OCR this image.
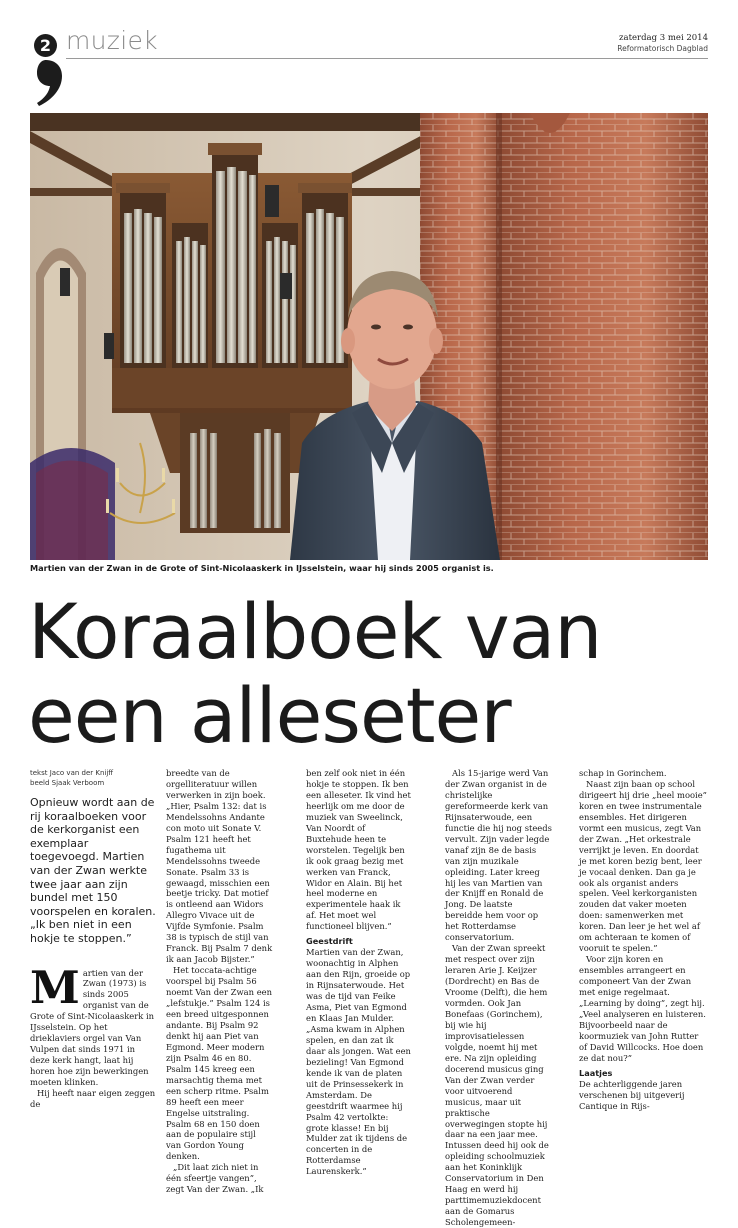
2 muziek	zaterdag 3 mei 2014
Reformatorisch Dagblad
Martien van der Zwan in de Grote of Sint-Nicolaaskerk in IJsselstein, waar hij sinds 2005 organist is.
Koraalboek van
een alleseter
tekst Jaco van der Knijff
beeld Sjaak Verboom
Opnieuw wordt aan de rij koraalboeken voor de kerkorganist een exemplaar toegevoegd. Martien van der Zwan werkte twee jaar aan zijn bundel met 150 voorspelen en koralen. „Ik ben niet in een hokje te stoppen.”
M artien van der Zwan (1973) is sinds 2005 organist van de Grote of Sint-Nicolaaskerk in IJsselstein. Op het drieklaviers orgel van Van Vulpen dat sinds 1971 in deze kerk hangt, laat hij horen hoe zijn bewerkingen moeten klinken.

Hij heeft naar eigen zeggen de

breedte van de orgelliteratuur willen verwerken in zijn boek. „Hier, Psalm 132: dat is Mendelssohns Andante con moto uit Sonate V. Psalm 121 heeft het fugathema uit Mendelssohns tweede Sonate. Psalm 33 is gewaagd, misschien een beetje tricky. Dat motief is ontleend aan Widors Allegro Vivace uit de Vijfde Symfonie. Psalm 38 is typisch de stijl van Franck. Bij Psalm 7 denk ik aan Jacob Bijster.”

Het toccata-achtige voorspel bij Psalm 56 noemt Van der Zwan een „lefstukje.” Psalm 124 is een breed uitgesponnen andante. Bij Psalm 92 denkt hij aan Piet van Egmond. Meer modern zijn Psalm 46 en 80. Psalm 145 kreeg een marsachtig thema met een scherp ritme. Psalm 89 heeft een meer Engelse uitstraling. Psalm 68 en 150 doen aan de populaire stijl van Gordon Young denken.

„Dit laat zich niet in één sfeertje vangen”, zegt Van der Zwan. „Ik

ben zelf ook niet in één hokje te stoppen. Ik ben een alleseter. Ik vind het heerlijk om me door de muziek van Sweelinck, Van Noordt of Buxtehude heen te worstelen. Tegelijk ben ik ook graag bezig met werken van Franck, Widor en Alain. Bij het heel moderne en experimentele haak ik af. Het moet wel functioneel blijven.”

Geestdrift

Martien van der Zwan, woonachtig in Alphen aan den Rijn, groeide op in Rijnsaterwoude. Het was de tijd van Feike Asma, Piet van Egmond en Klaas Jan Mulder. „Asma kwam in Alphen spelen, en dan zat ik daar als jongen. Wat een bezieling! Van Egmond kende ik van de platen uit de Prinsessekerk in Amsterdam. De geestdrift waarmee hij Psalm 42 vertolkte: grote klasse! En bij Mulder zat ik tijdens de concerten in de Rotterdamse Laurenskerk.”

Als 15-jarige werd Van der Zwan organist in de christelijke gereformeerde kerk van Rijnsaterwoude, een functie die hij nog steeds vervult. Zijn vader legde vanaf zijn 8e de basis van zijn muzikale opleiding. Later kreeg hij les van Martien van der Knijff en Ronald de Jong. De laatste bereidde hem voor op het Rotterdamse conservatorium.

Van der Zwan spreekt met respect over zijn leraren Arie J. Keijzer (Dordrecht) en Bas de Vroome (Delft), die hem vormden. Ook Jan Bonefaas (Gorinchem), bij wie hij improvisatielessen volgde, noemt hij met ere. Na zijn opleiding docerend musicus ging Van der Zwan verder voor uitvoerend musicus, maar uit praktische overwegingen stopte hij daar na een jaar mee. Intussen deed hij ook de opleiding schoolmuziek aan het Koninklijk Conservatorium in Den Haag en werd hij parttimemuziekdocent aan de Gomarus Scholengemeen-

schap in Gorinchem.

Naast zijn baan op school dirigeert hij drie „heel mooie” koren en twee instrumentale ensembles. Het dirigeren vormt een musicus, zegt Van der Zwan. „Het orkestrale verrijkt je leven. En doordat je met koren bezig bent, leer je vocaal denken. Dan ga je ook als organist anders spelen. Veel kerkorganisten zouden dat vaker moeten doen: samenwerken met koren. Dan leer je het wel af om achteraan te komen of vooruit te spelen.”

Voor zijn koren en ensembles arrangeert en componeert Van der Zwan met enige regelmaat. „Learning by doing”, zegt hij. „Veel analyseren en luisteren. Bijvoorbeeld naar de koormuziek van John Rutter of David Willcocks. Hoe doen ze dat nou?”

Laatjes

De achterliggende jaren verschenen bij uitgeverij Cantique in Rijs-
